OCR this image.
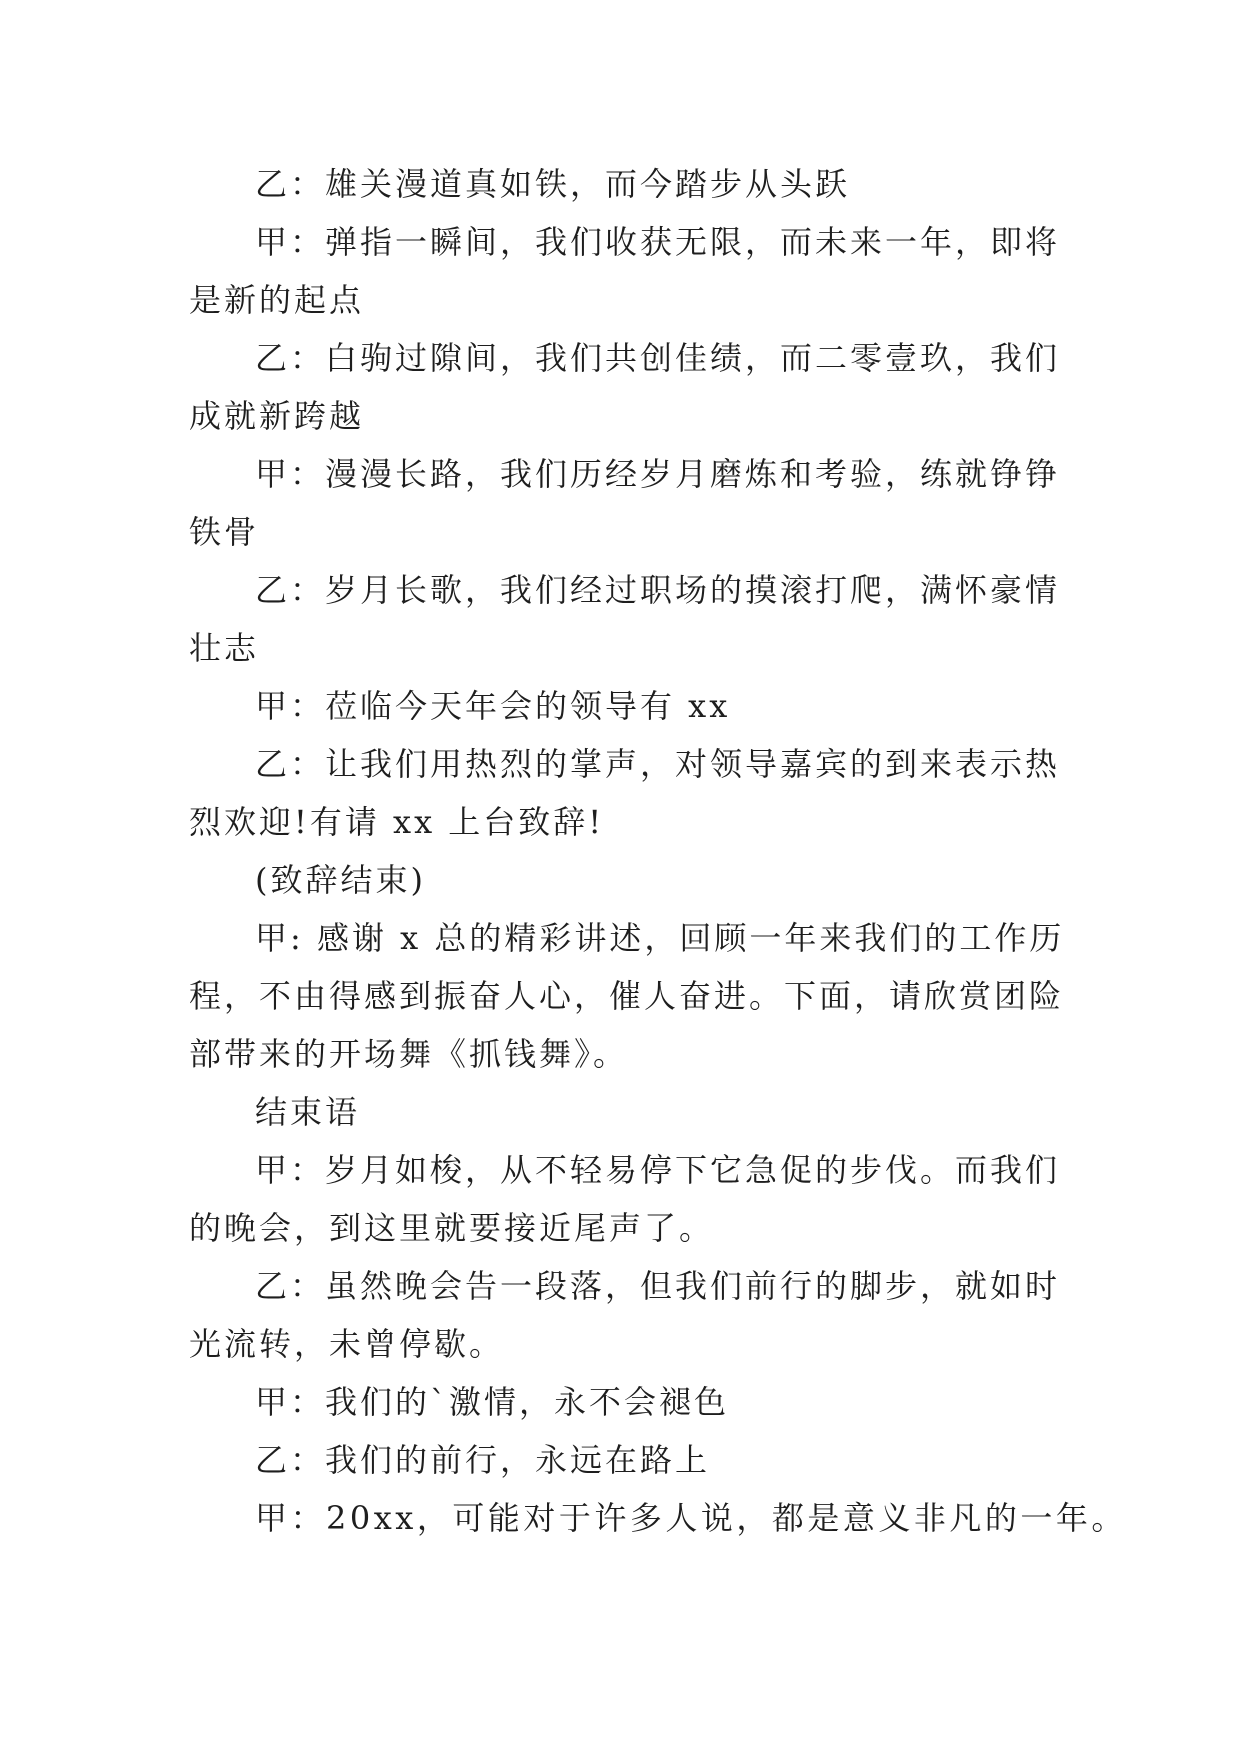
乙：雄关漫道真如铁，而今踏步从头跃

甲：弹指一瞬间，我们收获无限，而未来一年，即将是新的起点

乙：白驹过隙间，我们共创佳绩，而二零壹玖，我们成就新跨越

甲：漫漫长路，我们历经岁月磨炼和考验，练就铮铮铁骨

乙：岁月长歌，我们经过职场的摸滚打爬，满怀豪情壮志

甲：莅临今天年会的领导有 xx

乙：让我们用热烈的掌声，对领导嘉宾的到来表示热烈欢迎!有请 xx 上台致辞!

(致辞结束)

甲: 感谢 x 总的精彩讲述，回顾一年来我们的工作历程，不由得感到振奋人心，催人奋进。下面，请欣赏团险部带来的开场舞《抓钱舞》。

结束语

甲：岁月如梭，从不轻易停下它急促的步伐。而我们的晚会，到这里就要接近尾声了。

乙：虽然晚会告一段落，但我们前行的脚步，就如时光流转，未曾停歇。

甲：我们的`激情，永不会褪色

乙：我们的前行，永远在路上

甲：20xx，可能对于许多人说，都是意义非凡的一年。
